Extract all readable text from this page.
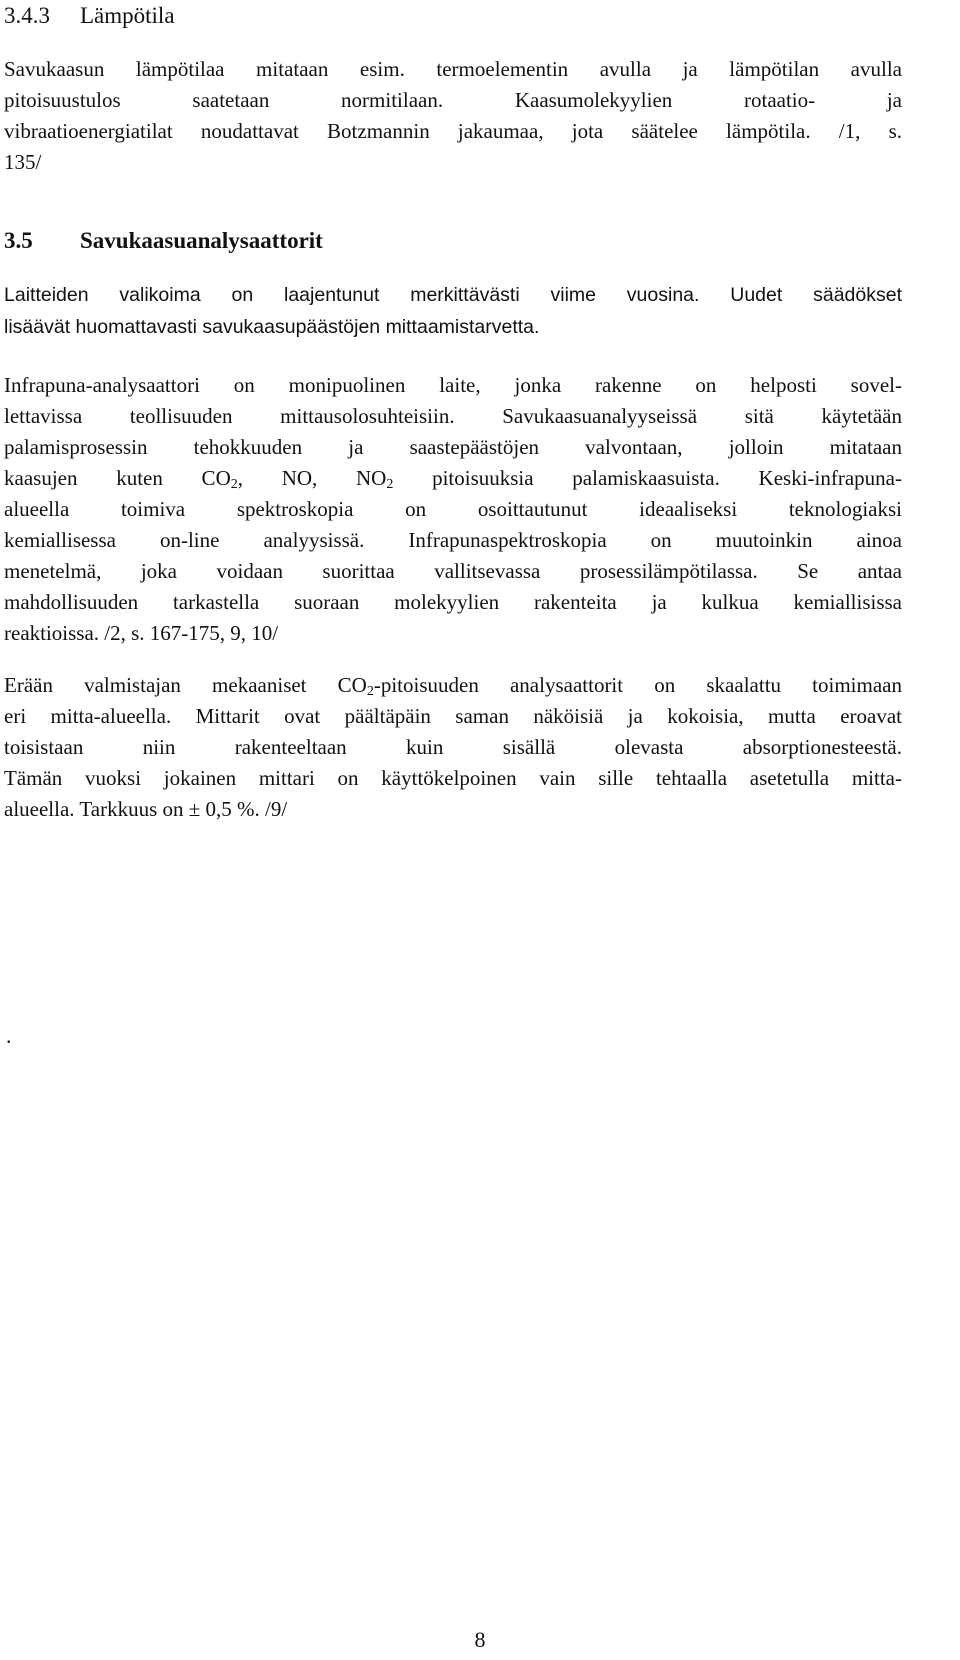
3.4.3 Lämpötila
Savukaasun lämpötilaa mitataan esim. termoelementin avulla ja lämpötilan avulla
pitoisuustulos saatetaan normitilaan. Kaasumolekyylien rotaatio- ja
vibraatioenergiatilat noudattavat Botzmannin jakaumaa, jota säätelee lämpötila. /1, s.
135/
3.5 Savukaasuanalysaattorit
Laitteiden valikoima on laajentunut merkittävästi viime vuosina. Uudet säädökset
lisäävät huomattavasti savukaasupäästöjen mittaamistarvetta.
Infrapuna-analysaattori on monipuolinen laite, jonka rakenne on helposti sovel-
lettavissa teollisuuden mittausolosuhteisiin. Savukaasuanalyyseissä sitä käytetään
palamisprosessin tehokkuuden ja saastepäästöjen valvontaan, jolloin mitataan
kaasujen kuten $CO_2$, NO, $NO_2$ pitoisuuksia palamiskaasuista. Keski-infrapuna-
alueella toimiva spektroskopia on osoittautunut ideaaliseksi teknologiaksi
kemiallisessa on-line analyysissä. Infrapunaspektroskopia on muutoinkin ainoa
menetelmä, joka voidaan suorittaa vallitsevassa prosessilämpötilassa. Se antaa
mahdollisuuden tarkastella suoraan molekyylien rakenteita ja kulkua kemiallisissa
reaktioissa. /2, s. 167-175, 9, 10/
Erään valmistajan mekaaniset $CO_2$-pitoisuuden analysaattorit on skaalattu toimimaan
eri mitta-alueella. Mittarit ovat päältäpäin saman näköisiä ja kokoisia, mutta eroavat
toisistaan niin rakenteeltaan kuin sisällä olevasta absorptionesteestä.
Tämän vuoksi jokainen mittari on käyttökelpoinen vain sille tehtaalla asetetulla mitta-
alueella. Tarkkuus on ± 0,5 %. /9/
.
8
